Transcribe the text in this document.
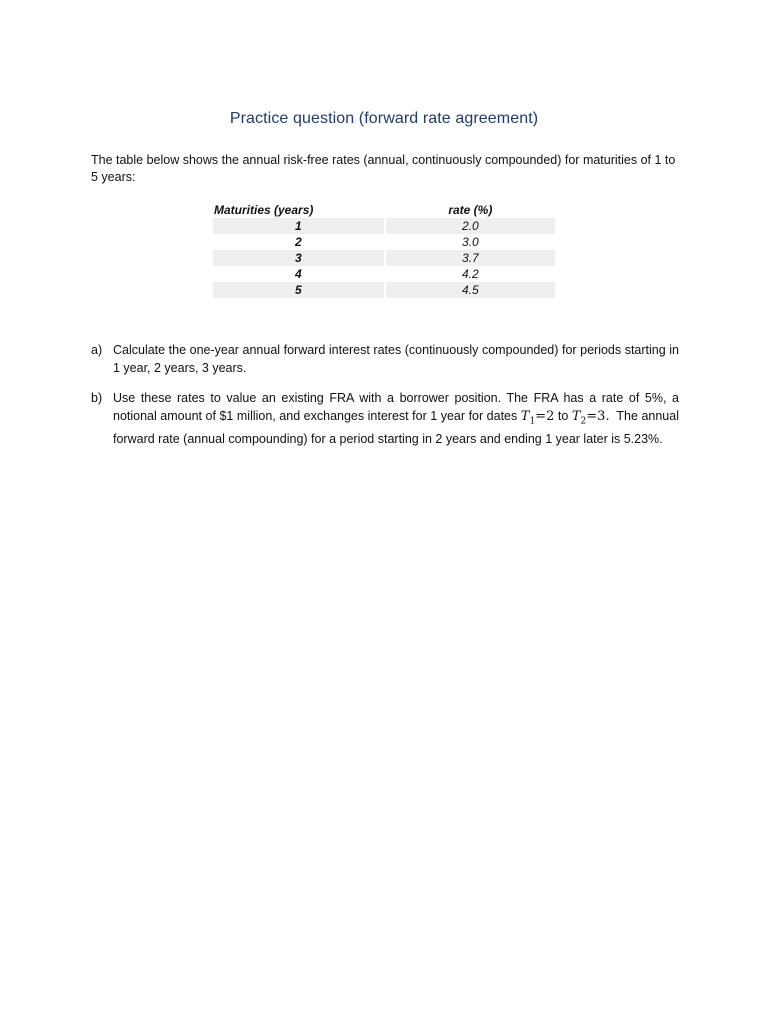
Practice question (forward rate agreement)
The table below shows the annual risk-free rates (annual, continuously compounded) for maturities of 1 to 5 years:
Maturities (years)	rate (%)
1	2.0
2	3.0
3	3.7
4	4.2
5	4.5
a) Calculate the one-year annual forward interest rates (continuously compounded) for periods starting in 1 year, 2 years, 3 years.
b) Use these rates to value an existing FRA with a borrower position. The FRA has a rate of 5%, a notional amount of $1 million, and exchanges interest for 1 year for dates $T_1=2$ to $T_2=3$. The annual forward rate (annual compounding) for a period starting in 2 years and ending 1 year later is 5.23%.
